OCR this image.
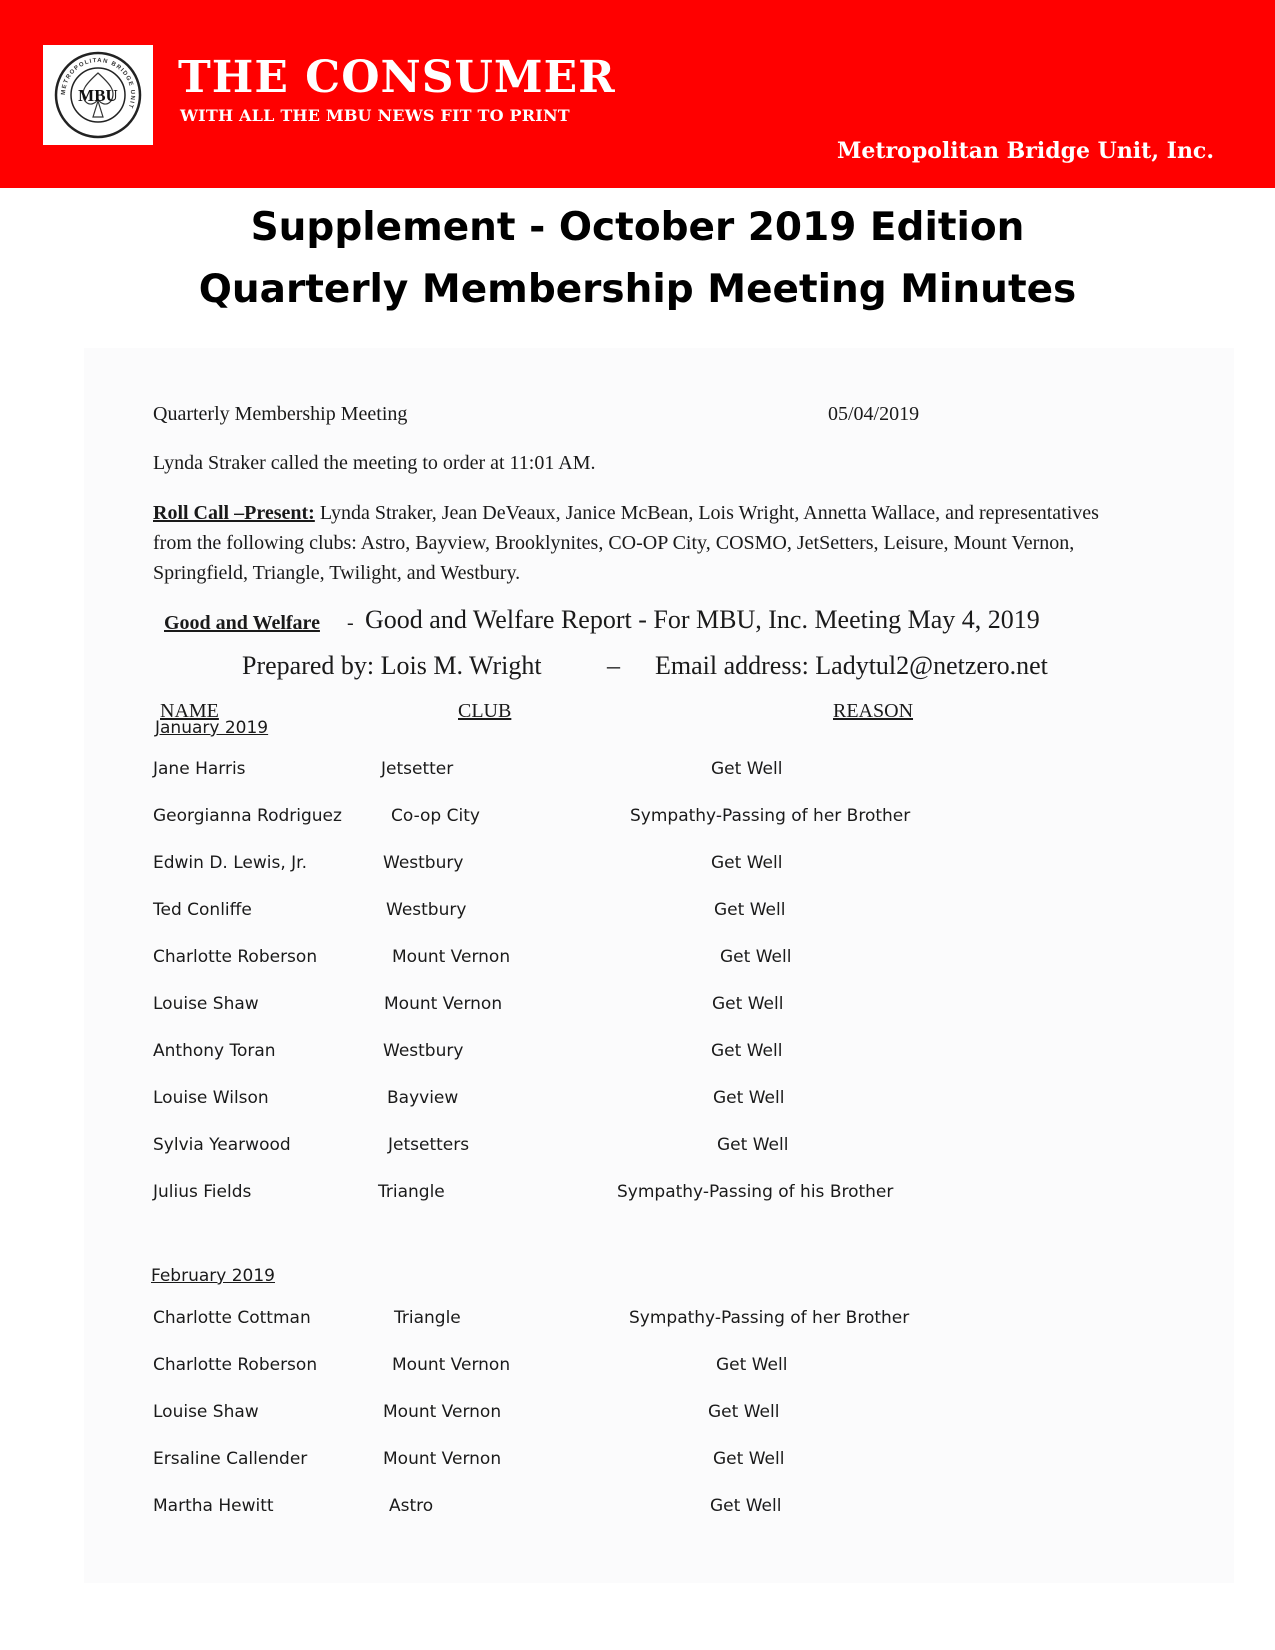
METROPOLITAN BRIDGE UNIT
MBU THE CONSUMER
WITH ALL THE MBU NEWS FIT TO PRINT
Metropolitan Bridge Unit, Inc.
Supplement - October 2019 Edition
Quarterly Membership Meeting Minutes
Quarterly Membership Meeting	05/04/2019
Lynda Straker called the meeting to order at 11:01 AM.
Roll Call –Present: Lynda Straker, Jean DeVeaux, Janice McBean, Lois Wright, Annetta Wallace, and representatives from the following clubs: Astro, Bayview, Brooklynites, CO-OP City, COSMO, JetSetters, Leisure, Mount Vernon, Springfield, Triangle, Twilight, and Westbury.
Good and Welfare - Good and Welfare Report - For MBU, Inc. Meeting May 4, 2019
Prepared by: Lois M. Wright	– Email address: Ladytul2@netzero.net
NAME	CLUB	REASON
January 2019
Jane Harris	Jetsetter	Get Well
Georgianna Rodriguez	Co-op City	Sympathy-Passing of her Brother
Edwin D. Lewis, Jr.	Westbury	Get Well
Ted Conliffe	Westbury	Get Well
Charlotte Roberson	Mount Vernon	Get Well
Louise Shaw	Mount Vernon	Get Well
Anthony Toran	Westbury	Get Well
Louise Wilson	Bayview	Get Well
Sylvia Yearwood	Jetsetters	Get Well
Julius Fields	Triangle	Sympathy-Passing of his Brother
February 2019
Charlotte Cottman	Triangle	Sympathy-Passing of her Brother
Charlotte Roberson	Mount Vernon	Get Well
Louise Shaw	Mount Vernon	Get Well
Ersaline Callender	Mount Vernon	Get Well
Martha Hewitt	Astro	Get Well
